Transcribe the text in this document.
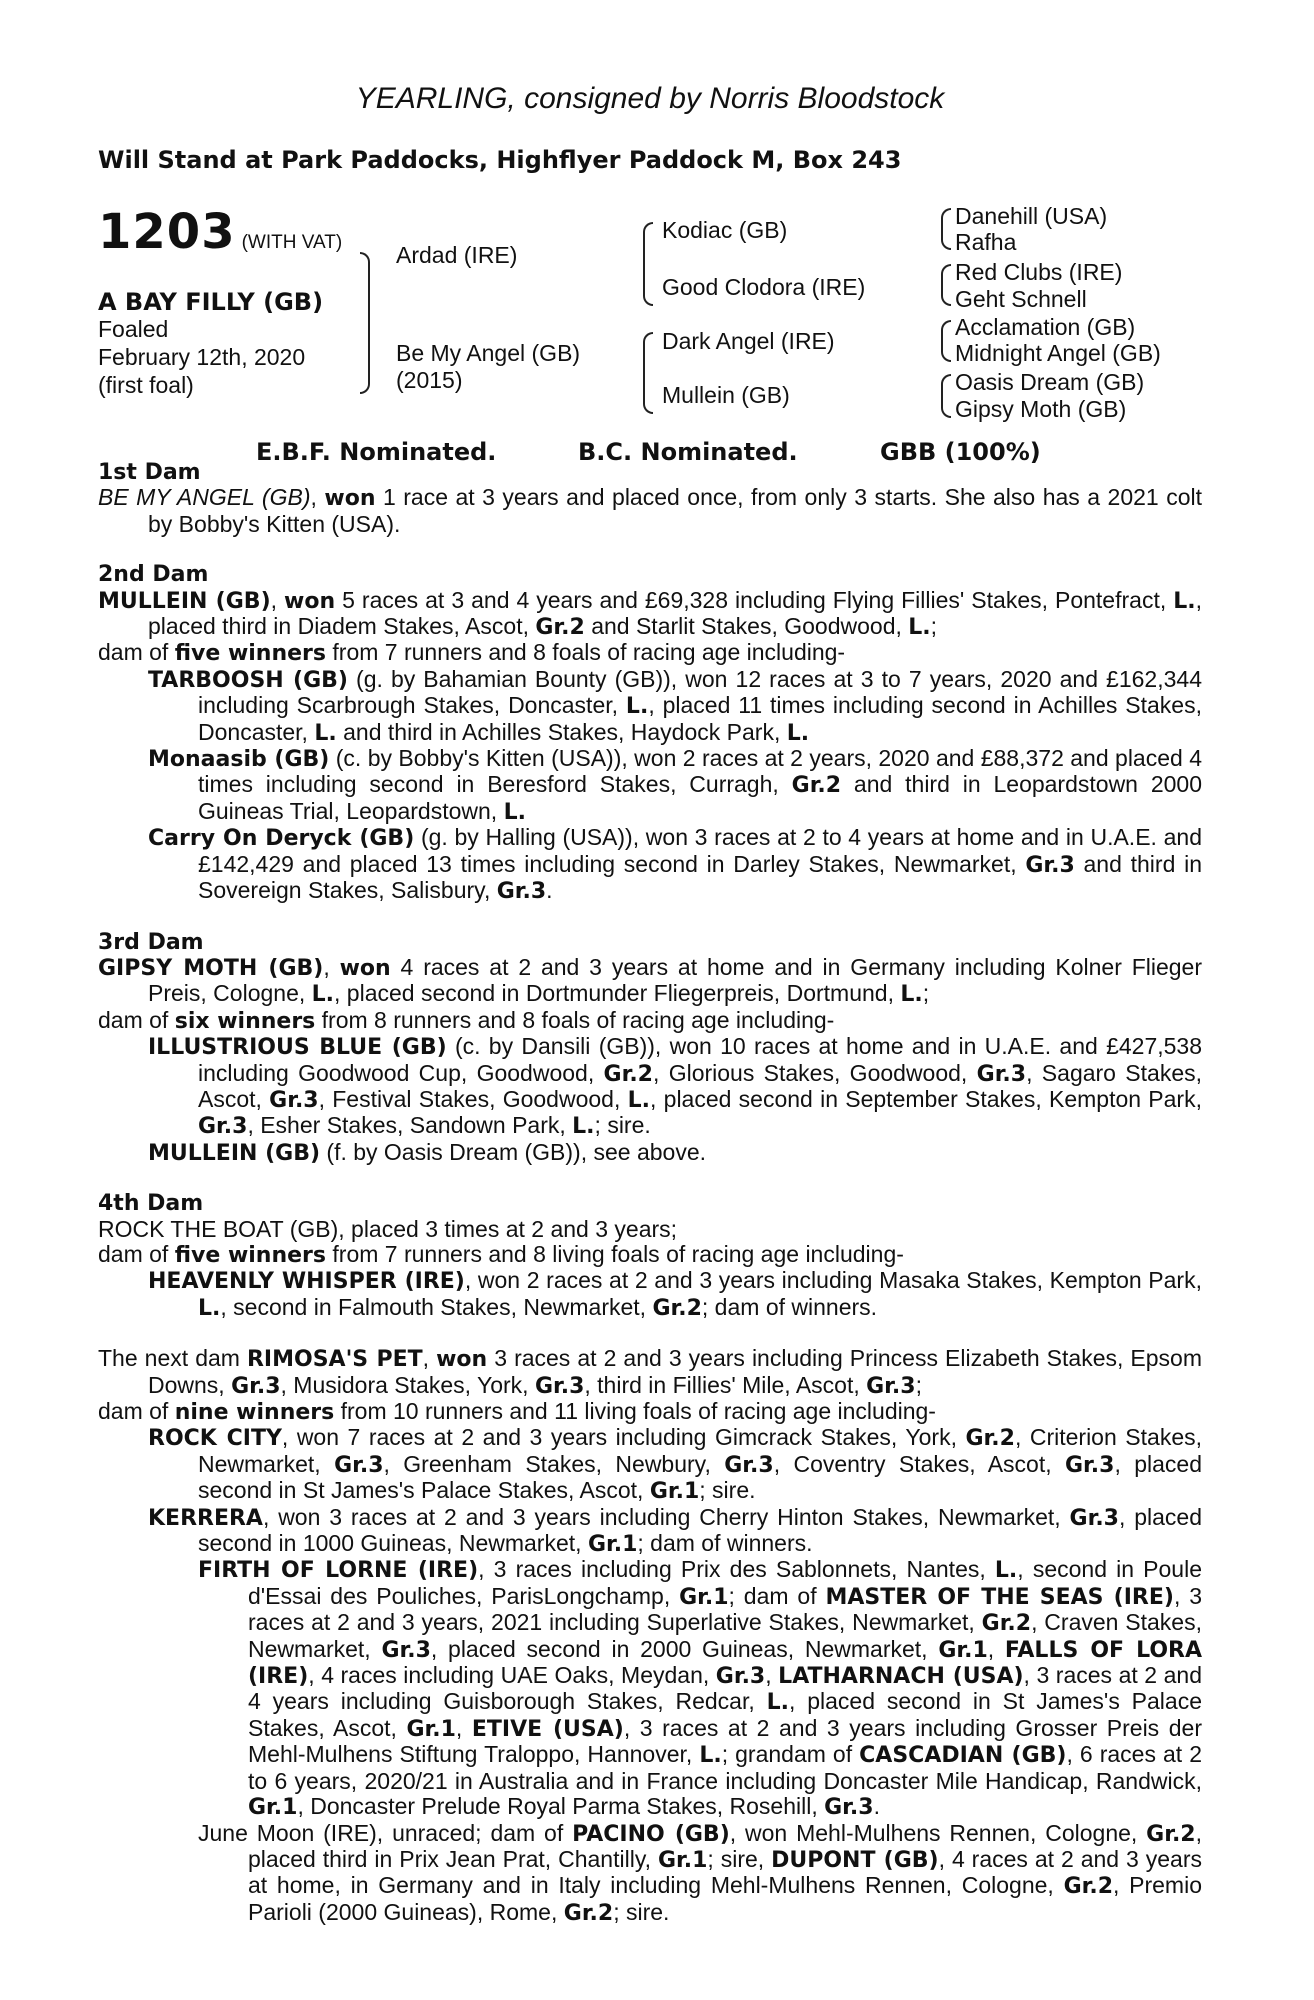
YEARLING, consigned by Norris Bloodstock
Will Stand at Park Paddocks, Highflyer Paddock M, Box 243
1203 (WITH VAT)
A BAY FILLY (GB)
Foaled
February 12th, 2020
(first foal)
Ardad (IRE)
Be My Angel (GB)
(2015)
Kodiac (GB)
Good Clodora (IRE)
Dark Angel (IRE)
Mullein (GB)
Danehill (USA)
Rafha
Red Clubs (IRE)
Geht Schnell
Acclamation (GB)
Midnight Angel (GB)
Oasis Dream (GB)
Gipsy Moth (GB)
E.B.F. Nominated.	B.C. Nominated.	GBB (100%)
1st Dam

BE MY ANGEL (GB), won 1 race at 3 years and placed once, from only 3 starts. She also has a 2021 colt by Bobby's Kitten (USA).

2nd Dam

MULLEIN (GB), won 5 races at 3 and 4 years and £69,328 including Flying Fillies' Stakes, Pontefract, L., placed third in Diadem Stakes, Ascot, Gr.2 and Starlit Stakes, Goodwood, L.;

dam of five winners from 7 runners and 8 foals of racing age including-

TARBOOSH (GB) (g. by Bahamian Bounty (GB)), won 12 races at 3 to 7 years, 2020 and £162,344 including Scarbrough Stakes, Doncaster, L., placed 11 times including second in Achilles Stakes, Doncaster, L. and third in Achilles Stakes, Haydock Park, L.

Monaasib (GB) (c. by Bobby's Kitten (USA)), won 2 races at 2 years, 2020 and £88,372 and placed 4 times including second in Beresford Stakes, Curragh, Gr.2 and third in Leopardstown 2000 Guineas Trial, Leopardstown, L.

Carry On Deryck (GB) (g. by Halling (USA)), won 3 races at 2 to 4 years at home and in U.A.E. and £142,429 and placed 13 times including second in Darley Stakes, Newmarket, Gr.3 and third in Sovereign Stakes, Salisbury, Gr.3.

3rd Dam

GIPSY MOTH (GB), won 4 races at 2 and 3 years at home and in Germany including Kolner Flieger Preis, Cologne, L., placed second in Dortmunder Fliegerpreis, Dortmund, L.;

dam of six winners from 8 runners and 8 foals of racing age including-

ILLUSTRIOUS BLUE (GB) (c. by Dansili (GB)), won 10 races at home and in U.A.E. and £427,538 including Goodwood Cup, Goodwood, Gr.2, Glorious Stakes, Goodwood, Gr.3, Sagaro Stakes, Ascot, Gr.3, Festival Stakes, Goodwood, L., placed second in September Stakes, Kempton Park, Gr.3, Esher Stakes, Sandown Park, L.; sire.

MULLEIN (GB) (f. by Oasis Dream (GB)), see above.

4th Dam

ROCK THE BOAT (GB), placed 3 times at 2 and 3 years;

dam of five winners from 7 runners and 8 living foals of racing age including-

HEAVENLY WHISPER (IRE), won 2 races at 2 and 3 years including Masaka Stakes, Kempton Park, L., second in Falmouth Stakes, Newmarket, Gr.2; dam of winners.

The next dam RIMOSA'S PET, won 3 races at 2 and 3 years including Princess Elizabeth Stakes, Epsom Downs, Gr.3, Musidora Stakes, York, Gr.3, third in Fillies' Mile, Ascot, Gr.3;

dam of nine winners from 10 runners and 11 living foals of racing age including-

ROCK CITY, won 7 races at 2 and 3 years including Gimcrack Stakes, York, Gr.2, Criterion Stakes, Newmarket, Gr.3, Greenham Stakes, Newbury, Gr.3, Coventry Stakes, Ascot, Gr.3, placed second in St James's Palace Stakes, Ascot, Gr.1; sire.

KERRERA, won 3 races at 2 and 3 years including Cherry Hinton Stakes, Newmarket, Gr.3, placed second in 1000 Guineas, Newmarket, Gr.1; dam of winners.

FIRTH OF LORNE (IRE), 3 races including Prix des Sablonnets, Nantes, L., second in Poule d'Essai des Pouliches, ParisLongchamp, Gr.1; dam of MASTER OF THE SEAS (IRE), 3 races at 2 and 3 years, 2021 including Superlative Stakes, Newmarket, Gr.2, Craven Stakes, Newmarket, Gr.3, placed second in 2000 Guineas, Newmarket, Gr.1, FALLS OF LORA (IRE), 4 races including UAE Oaks, Meydan, Gr.3, LATHARNACH (USA), 3 races at 2 and 4 years including Guisborough Stakes, Redcar, L., placed second in St James's Palace Stakes, Ascot, Gr.1, ETIVE (USA), 3 races at 2 and 3 years including Grosser Preis der Mehl-Mulhens Stiftung Traloppo, Hannover, L.; grandam of CASCADIAN (GB), 6 races at 2 to 6 years, 2020/21 in Australia and in France including Doncaster Mile Handicap, Randwick, Gr.1, Doncaster Prelude Royal Parma Stakes, Rosehill, Gr.3.

June Moon (IRE), unraced; dam of PACINO (GB), won Mehl-Mulhens Rennen, Cologne, Gr.2, placed third in Prix Jean Prat, Chantilly, Gr.1; sire, DUPONT (GB), 4 races at 2 and 3 years at home, in Germany and in Italy including Mehl-Mulhens Rennen, Cologne, Gr.2, Premio Parioli (2000 Guineas), Rome, Gr.2; sire.
